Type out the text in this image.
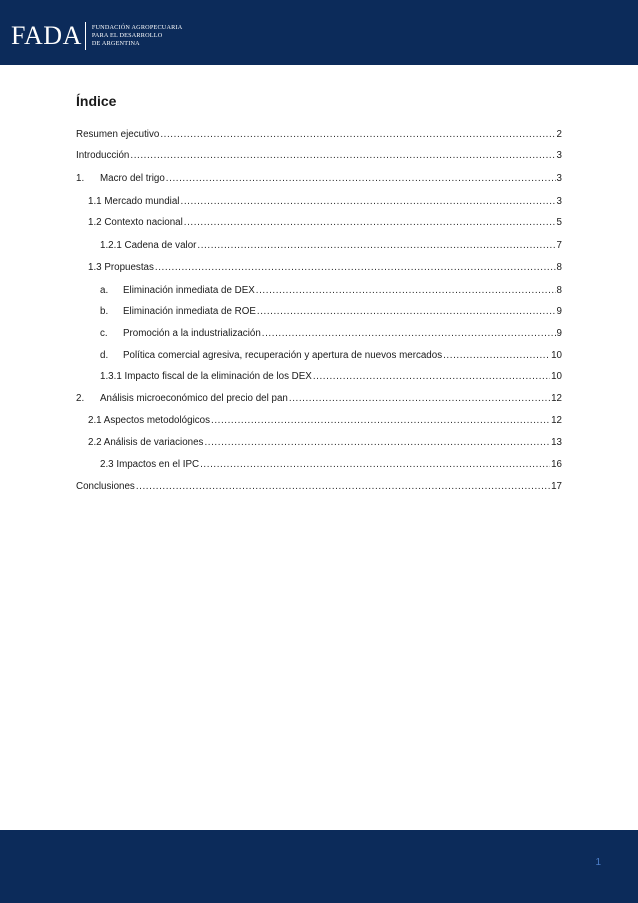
FADA FUNDACIÓN AGROPECUARIA
PARA EL DESARROLLO
DE ARGENTINA
Índice
Resumen ejecutivo .....	2
Introducción .....	3
1.	Macro del trigo .....	3
1.1 Mercado mundial .....	3
1.2 Contexto nacional .....	5
1.2.1 Cadena de valor .....	7
1.3 Propuestas .....	8
a.	Eliminación inmediata de DEX .....	8
b.	Eliminación inmediata de ROE .....	9
c.	Promoción a la industrialización .....	9
d.	Política comercial agresiva, recuperación y apertura de nuevos mercados .....	10
1.3.1 Impacto fiscal de la eliminación de los DEX .....	10
2.	Análisis microeconómico del precio del pan .....	12
2.1 Aspectos metodológicos .....	12
2.2 Análisis de variaciones .....	13
2.3 Impactos en el IPC .....	16
Conclusiones .....	17
1
